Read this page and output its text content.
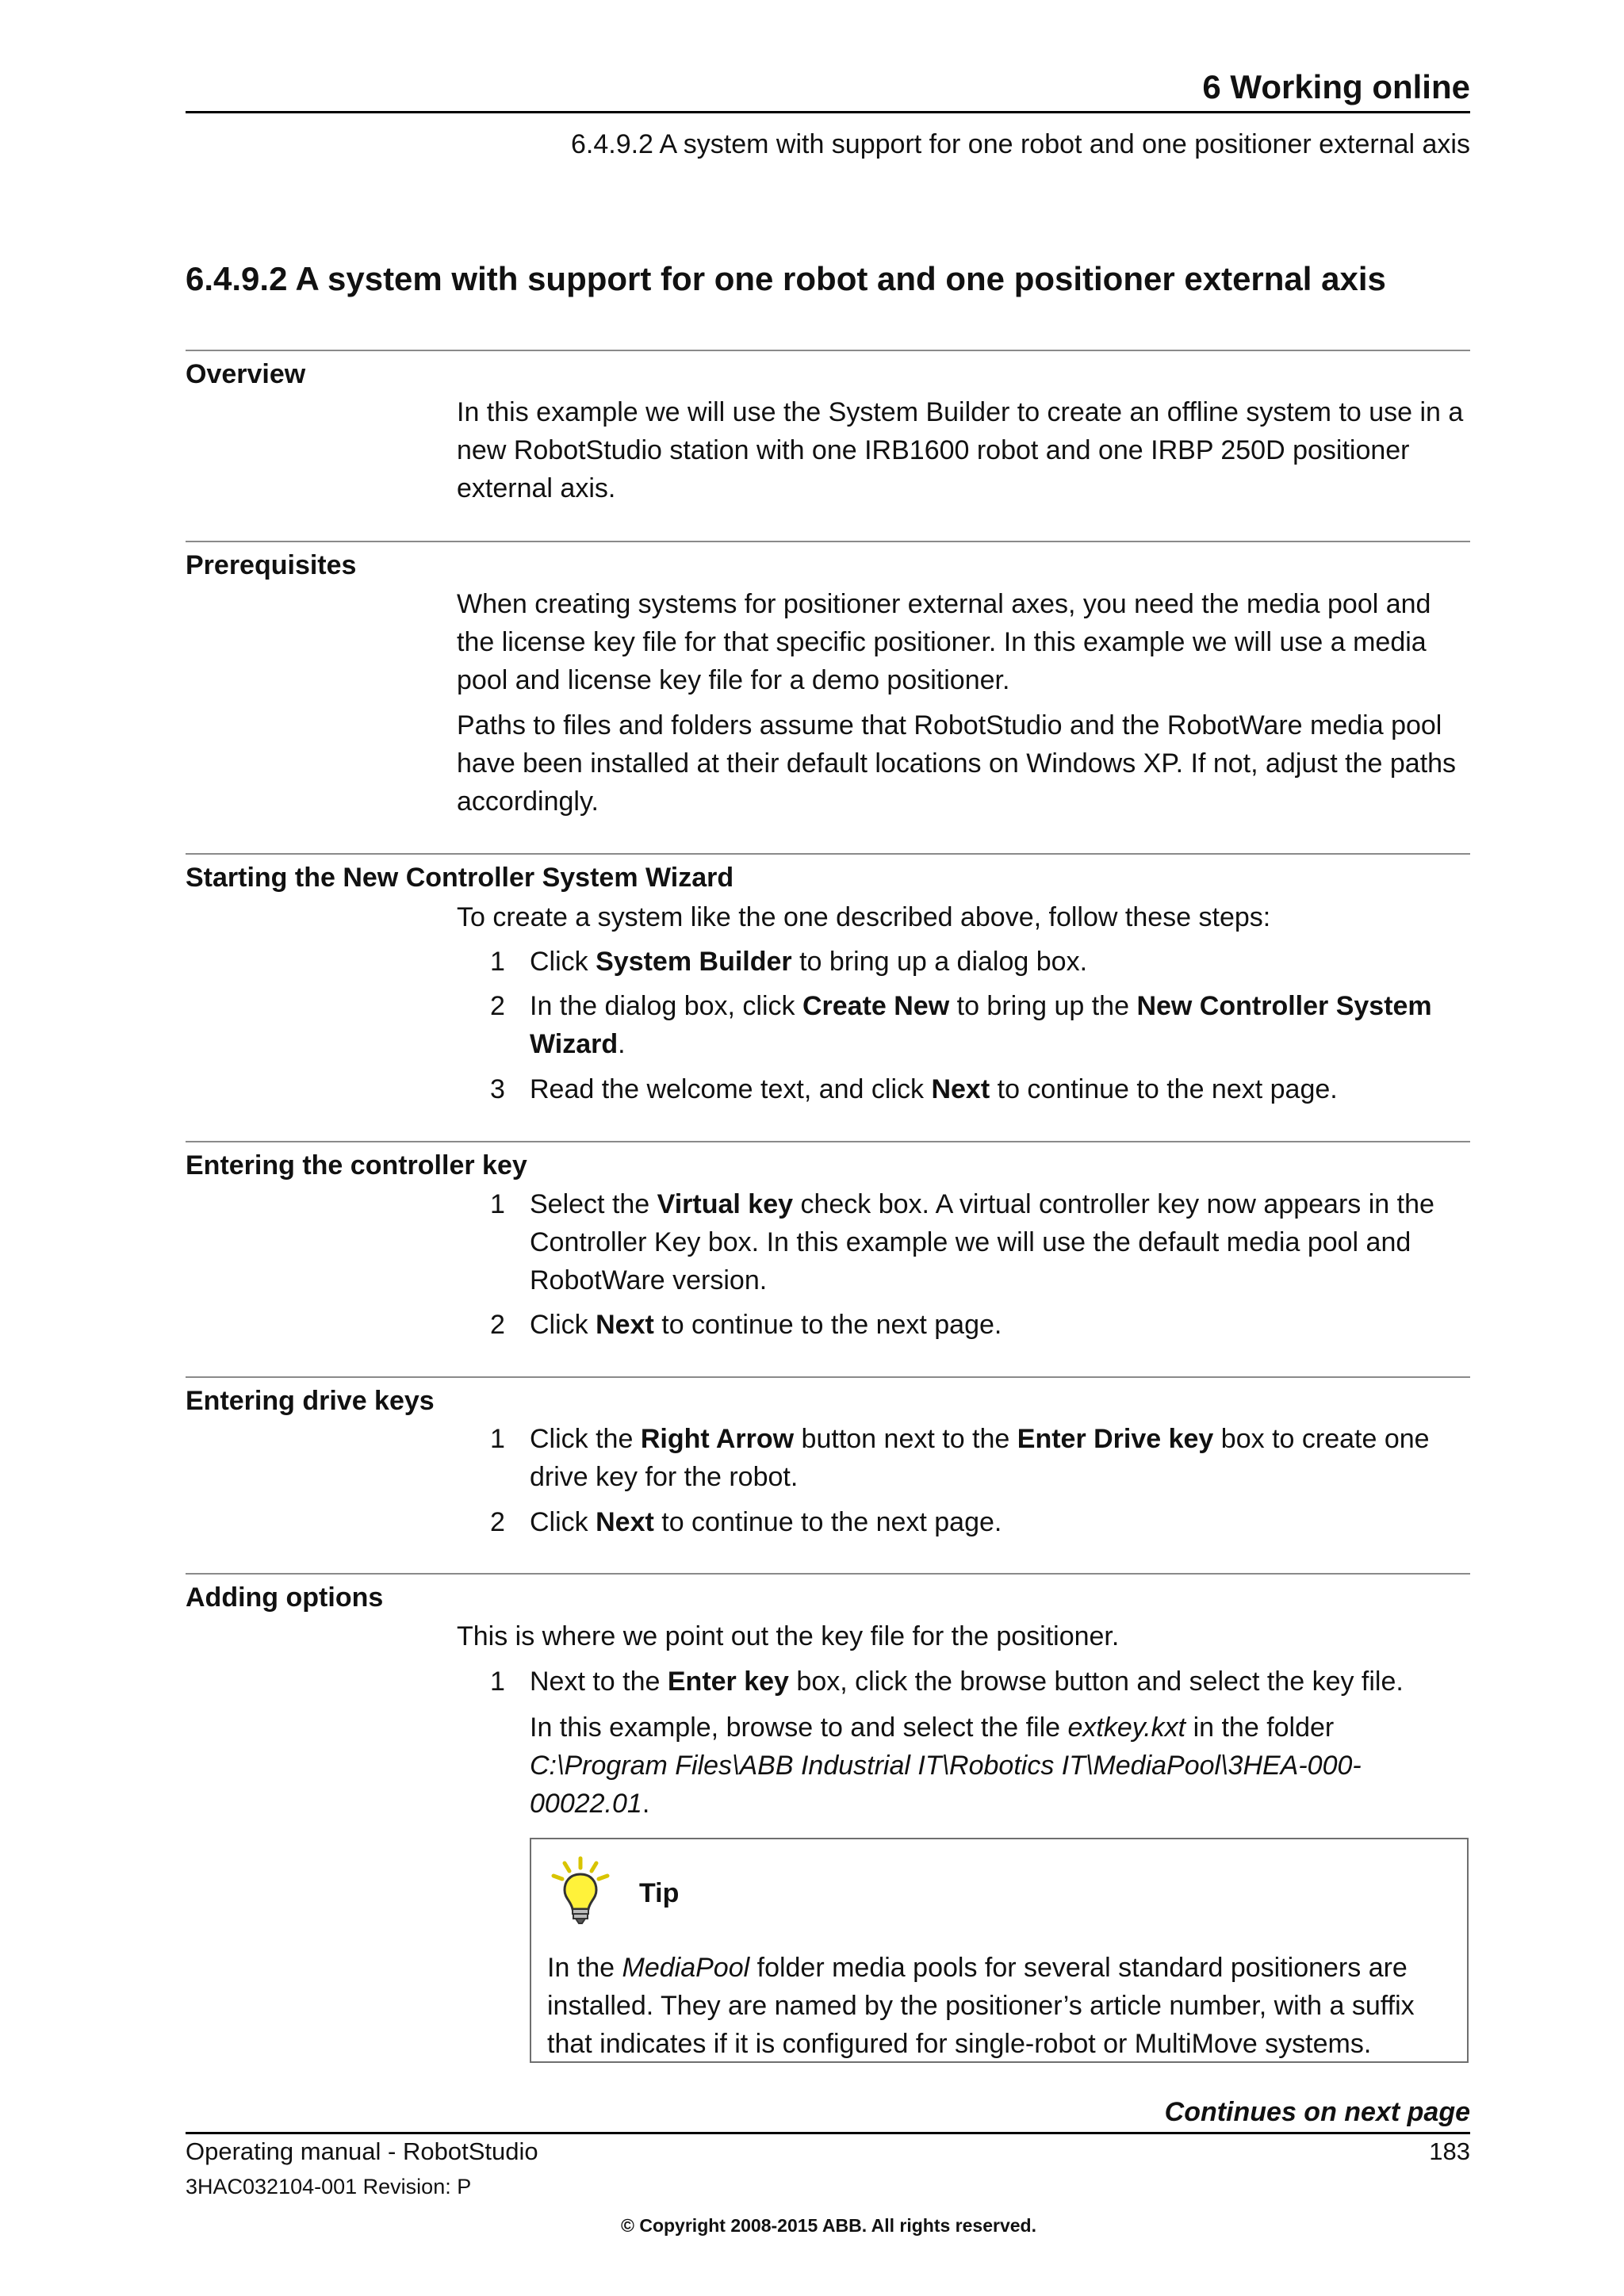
6 Working online
6.4.9.2 A system with support for one robot and one positioner external axis
6.4.9.2 A system with support for one robot and one positioner external axis
Overview
In this example we will use the System Builder to create an offline system to use in a new RobotStudio station with one IRB1600 robot and one IRBP 250D positioner external axis.
Prerequisites
When creating systems for positioner external axes, you need the media pool and the license key file for that specific positioner. In this example we will use a media pool and license key file for a demo positioner.
Paths to files and folders assume that RobotStudio and the RobotWare media pool have been installed at their default locations on Windows XP. If not, adjust the paths accordingly.
Starting the New Controller System Wizard
To create a system like the one described above, follow these steps:
1 Click System Builder to bring up a dialog box.
2 In the dialog box, click Create New to bring up the New Controller System Wizard.
3 Read the welcome text, and click Next to continue to the next page.
Entering the controller key
1 Select the Virtual key check box. A virtual controller key now appears in the Controller Key box. In this example we will use the default media pool and RobotWare version.
2 Click Next to continue to the next page.
Entering drive keys
1 Click the Right Arrow button next to the Enter Drive key box to create one drive key for the robot.
2 Click Next to continue to the next page.
Adding options
This is where we point out the key file for the positioner.
1 Next to the Enter key box, click the browse button and select the key file.
In this example, browse to and select the file extkey.kxt in the folder C:\Program Files\ABB Industrial IT\Robotics IT\MediaPool\3HEA-000-00022.01.
Tip
In the MediaPool folder media pools for several standard positioners are installed. They are named by the positioner’s article number, with a suffix that indicates if it is configured for single-robot or MultiMove systems.
Continues on next page
Operating manual - RobotStudio	183
3HAC032104-001 Revision: P
© Copyright 2008-2015 ABB. All rights reserved.
